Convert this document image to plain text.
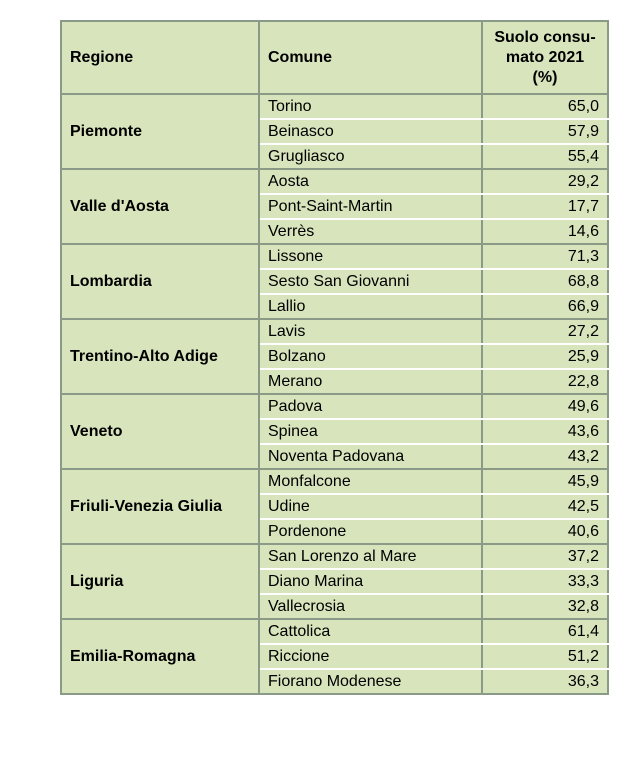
Regione	Comune	Suolo consu-
mato 2021
(%)
Piemonte	Torino	65,0
	Beinasco	57,9
	Grugliasco	55,4
Valle d'Aosta	Aosta	29,2
	Pont-Saint-Martin	17,7
	Verrès	14,6
Lombardia	Lissone	71,3
	Sesto San Giovanni	68,8
	Lallio	66,9
Trentino-Alto Adige	Lavis	27,2
	Bolzano	25,9
	Merano	22,8
Veneto	Padova	49,6
	Spinea	43,6
	Noventa Padovana	43,2
Friuli-Venezia Giulia	Monfalcone	45,9
	Udine	42,5
	Pordenone	40,6
Liguria	San Lorenzo al Mare	37,2
	Diano Marina	33,3
	Vallecrosia	32,8
Emilia-Romagna	Cattolica	61,4
	Riccione	51,2
	Fiorano Modenese	36,3
